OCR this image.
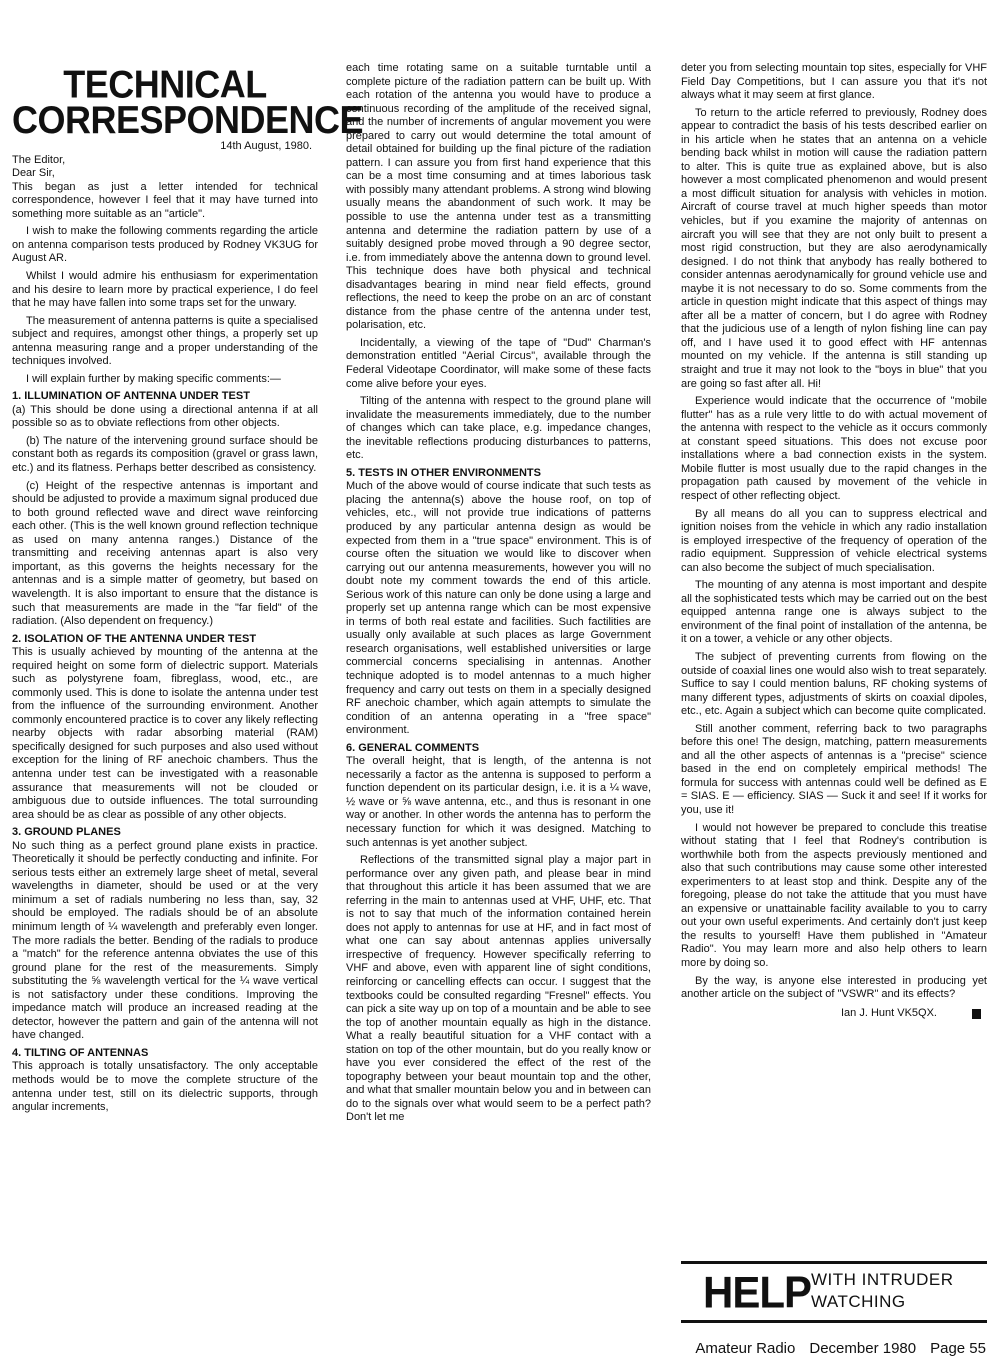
TECHNICAL
CORRESPONDENCE
14th August, 1980.

The Editor,

Dear Sir,

This began as just a letter intended for technical correspondence, however I feel that it may have turned into something more suitable as an "article".

I wish to make the following comments regarding the article on antenna comparison tests produced by Rodney VK3UG for August AR.

Whilst I would admire his enthusiasm for experimentation and his desire to learn more by practical experience, I do feel that he may have fallen into some traps set for the unwary.

The measurement of antenna patterns is quite a specialised subject and requires, amongst other things, a properly set up antenna measuring range and a proper understanding of the techniques involved.

I will explain further by making specific comments:—

1. ILLUMINATION OF ANTENNA UNDER TEST

(a) This should be done using a directional antenna if at all possible so as to obviate reflections from other objects.

(b) The nature of the intervening ground surface should be constant both as regards its composition (gravel or grass lawn, etc.) and its flatness. Perhaps better described as consistency.

(c) Height of the respective antennas is important and should be adjusted to provide a maximum signal produced due to both ground reflected wave and direct wave reinforcing each other. (This is the well known ground reflection technique as used on many antenna ranges.) Distance of the transmitting and receiving antennas apart is also very important, as this governs the heights necessary for the antennas and is a simple matter of geometry, but based on wavelength. It is also important to ensure that the distance is such that measurements are made in the "far field" of the radiation. (Also dependent on frequency.)

2. ISOLATION OF THE ANTENNA UNDER TEST

This is usually achieved by mounting of the antenna at the required height on some form of dielectric support. Materials such as polystyrene foam, fibreglass, wood, etc., are commonly used. This is done to isolate the antenna under test from the influence of the surrounding environment. Another commonly encountered practice is to cover any likely reflecting nearby objects with radar absorbing material (RAM) specifically designed for such purposes and also used without exception for the lining of RF anechoic chambers. Thus the antenna under test can be investigated with a reasonable assurance that measurements will not be clouded or ambiguous due to outside influences. The total surrounding area should be as clear as possible of any other objects.

3. GROUND PLANES

No such thing as a perfect ground plane exists in practice. Theoretically it should be perfectly conducting and infinite. For serious tests either an extremely large sheet of metal, several wavelengths in diameter, should be used or at the very minimum a set of radials numbering no less than, say, 32 should be employed. The radials should be of an absolute minimum length of ¼ wavelength and preferably even longer. The more radials the better. Bending of the radials to produce a "match" for the reference antenna obviates the use of this ground plane for the rest of the measurements. Simply substituting the ⅝ wavelength vertical for the ¼ wave vertical is not satisfactory under these conditions. Improving the impedance match will produce an increased reading at the detector, however the pattern and gain of the antenna will not have changed.

4. TILTING OF ANTENNAS

This approach is totally unsatisfactory. The only acceptable methods would be to move the complete structure of the antenna under test, still on its dielectric supports, through angular increments,

each time rotating same on a suitable turntable until a complete picture of the radiation pattern can be built up. With each rotation of the antenna you would have to produce a continuous recording of the amplitude of the received signal, and the number of increments of angular movement you were prepared to carry out would determine the total amount of detail obtained for building up the final picture of the radiation pattern. I can assure you from first hand experience that this can be a most time consuming and at times laborious task with possibly many attendant problems. A strong wind blowing usually means the abandonment of such work. It may be possible to use the antenna under test as a transmitting antenna and determine the radiation pattern by use of a suitably designed probe moved through a 90 degree sector, i.e. from immediately above the antenna down to ground level. This technique does have both physical and technical disadvantages bearing in mind near field effects, ground reflections, the need to keep the probe on an arc of constant distance from the phase centre of the antenna under test, polarisation, etc.

Incidentally, a viewing of the tape of "Dud" Charman's demonstration entitled "Aerial Circus", available through the Federal Videotape Coordinator, will make some of these facts come alive before your eyes.

Tilting of the antenna with respect to the ground plane will invalidate the measurements immediately, due to the number of changes which can take place, e.g. impedance changes, the inevitable reflections producing disturbances to patterns, etc.

5. TESTS IN OTHER ENVIRONMENTS

Much of the above would of course indicate that such tests as placing the antenna(s) above the house roof, on top of vehicles, etc., will not provide true indications of patterns produced by any particular antenna design as would be expected from them in a "true space" environment. This is of course often the situation we would like to discover when carrying out our antenna measurements, however you will no doubt note my comment towards the end of this article. Serious work of this nature can only be done using a large and properly set up antenna range which can be most expensive in terms of both real estate and facilities. Such factilities are usually only available at such places as large Government research organisations, well established universities or large commercial concerns specialising in antennas. Another technique adopted is to model antennas to a much higher frequency and carry out tests on them in a specially designed RF anechoic chamber, which again attempts to simulate the condition of an antenna operating in a "free space" environment.

6. GENERAL COMMENTS

The overall height, that is length, of the antenna is not necessarily a factor as the antenna is supposed to perform a function dependent on its particular design, i.e. it is a ¼ wave, ½ wave or ⅝ wave antenna, etc., and thus is resonant in one way or another. In other words the antenna has to perform the necessary function for which it was designed. Matching to such antennas is yet another subject.

Reflections of the transmitted signal play a major part in performance over any given path, and please bear in mind that throughout this article it has been assumed that we are referring in the main to antennas used at VHF, UHF, etc. That is not to say that much of the information contained herein does not apply to antennas for use at HF, and in fact most of what one can say about antennas applies universally irrespective of frequency. However specifically referring to VHF and above, even with apparent line of sight conditions, reinforcing or cancelling effects can occur. I suggest that the textbooks could be consulted regarding "Fresnel" effects. You can pick a site way up on top of a mountain and be able to see the top of another mountain equally as high in the distance. What a really beautiful situation for a VHF contact with a station on top of the other mountain, but do you really know or have you ever considered the effect of the rest of the topography between your beaut mountain top and the other, and what that smaller mountain below you and in between can do to the signals over what would seem to be a perfect path? Don't let me

deter you from selecting mountain top sites, especially for VHF Field Day Competitions, but I can assure you that it's not always what it may seem at first glance.

To return to the article referred to previously, Rodney does appear to contradict the basis of his tests described earlier on in his article when he states that an antenna on a vehicle bending back whilst in motion will cause the radiation pattern to alter. This is quite true as explained above, but is also however a most complicated phenomenon and would present a most difficult situation for analysis with vehicles in motion. Aircraft of course travel at much higher speeds than motor vehicles, but if you examine the majority of antennas on aircraft you will see that they are not only built to present a most rigid construction, but they are also aerodynamically designed. I do not think that anybody has really bothered to consider antennas aerodynamically for ground vehicle use and maybe it is not necessary to do so. Some comments from the article in question might indicate that this aspect of things may after all be a matter of concern, but I do agree with Rodney that the judicious use of a length of nylon fishing line can pay off, and I have used it to good effect with HF antennas mounted on my vehicle. If the antenna is still standing up straight and true it may not look to the "boys in blue" that you are going so fast after all. Hi!

Experience would indicate that the occurrence of "mobile flutter" has as a rule very little to do with actual movement of the antenna with respect to the vehicle as it occurs commonly at constant speed situations. This does not excuse poor installations where a bad connection exists in the system. Mobile flutter is most usually due to the rapid changes in the propagation path caused by movement of the vehicle in respect of other reflecting object.

By all means do all you can to suppress electrical and ignition noises from the vehicle in which any radio installation is employed irrespective of the frequency of operation of the radio equipment. Suppression of vehicle electrical systems can also become the subject of much specialisation.

The mounting of any atenna is most important and despite all the sophisticated tests which may be carried out on the best equipped antenna range one is always subject to the environment of the final point of installation of the antenna, be it on a tower, a vehicle or any other objects.

The subject of preventing currents from flowing on the outside of coaxial lines one would also wish to treat separately. Suffice to say I could mention baluns, RF choking systems of many different types, adjustments of skirts on coaxial dipoles, etc., etc. Again a subject which can become quite complicated.

Still another comment, referring back to two paragraphs before this one! The design, matching, pattern measurements and all the other aspects of antennas is a "precise" science based in the end on completely empirical methods! The formula for success with antennas could well be defined as E = SIAS. E — efficiency. SIAS — Suck it and see! If it works for you, use it!

I would not however be prepared to conclude this treatise without stating that I feel that Rodney's contribution is worthwhile both from the aspects previously mentioned and also that such contributions may cause some other interested experimenters to at least stop and think. Despite any of the foregoing, please do not take the attitude that you must have an expensive or unattainable facility available to you to carry out your own useful experiments. And certainly don't just keep the results to yourself! Have them published in "Amateur Radio". You may learn more and also help others to learn more by doing so.

By the way, is anyone else interested in producing yet another article on the subject of "VSWR" and its effects?

Ian J. Hunt VK5QX.
HELP WITH INTRUDER
WATCHING
Amateur Radio December 1980 Page 55
